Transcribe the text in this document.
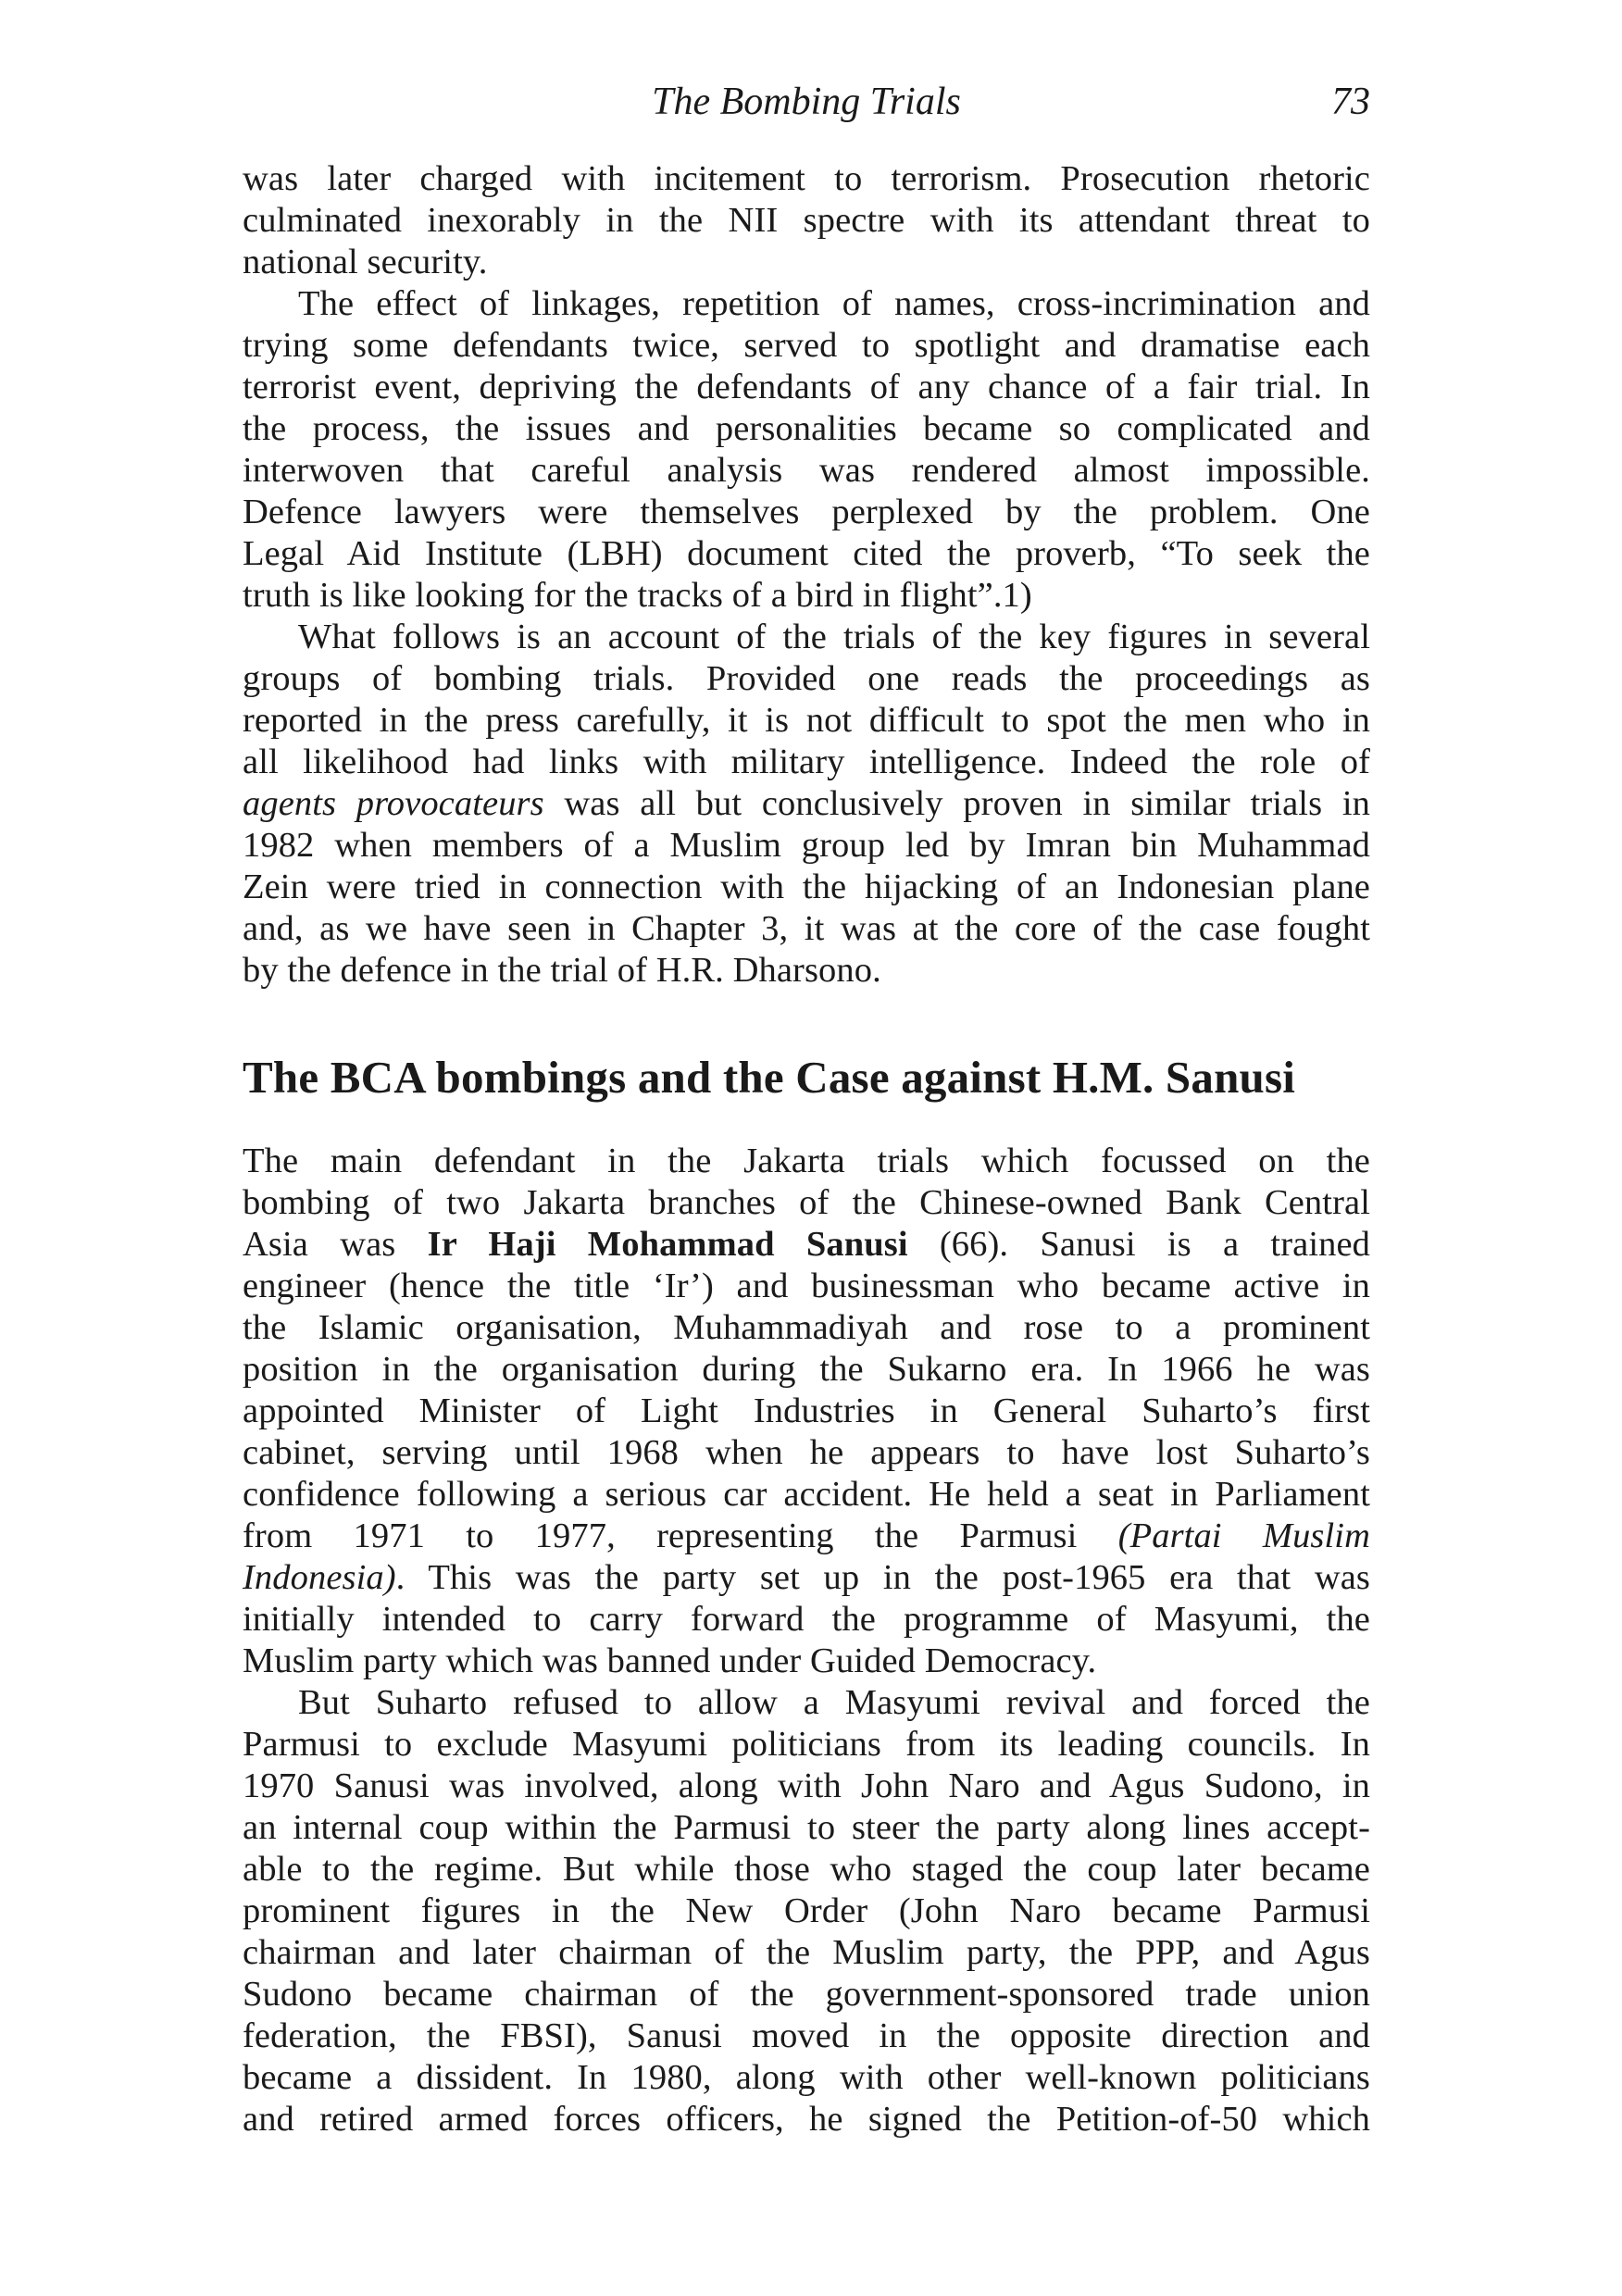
The Bombing Trials	73

was later charged with incitement to terrorism. Prosecution rhetoric
culminated inexorably in the NII spectre with its attendant threat to
national security.

The effect of linkages, repetition of names, cross-incrimination and
trying some defendants twice, served to spotlight and dramatise each
terrorist event, depriving the defendants of any chance of a fair trial. In
the process, the issues and personalities became so complicated and
interwoven that careful analysis was rendered almost impossible.
Defence lawyers were themselves perplexed by the problem. One
Legal Aid Institute (LBH) document cited the proverb, “To seek the
truth is like looking for the tracks of a bird in flight”.1)

What follows is an account of the trials of the key figures in several
groups of bombing trials. Provided one reads the proceedings as
reported in the press carefully, it is not difficult to spot the men who in
all likelihood had links with military intelligence. Indeed the role of
agents provocateurs was all but conclusively proven in similar trials in
1982 when members of a Muslim group led by Imran bin Muhammad
Zein were tried in connection with the hijacking of an Indonesian plane
and, as we have seen in Chapter 3, it was at the core of the case fought
by the defence in the trial of H.R. Dharsono.

The BCA bombings and the Case against H.M. Sanusi

The main defendant in the Jakarta trials which focussed on the
bombing of two Jakarta branches of the Chinese-owned Bank Central
Asia was Ir Haji Mohammad Sanusi (66). Sanusi is a trained
engineer (hence the title ‘Ir’) and businessman who became active in
the Islamic organisation, Muhammadiyah and rose to a prominent
position in the organisation during the Sukarno era. In 1966 he was
appointed Minister of Light Industries in General Suharto’s first
cabinet, serving until 1968 when he appears to have lost Suharto’s
confidence following a serious car accident. He held a seat in Parliament
from 1971 to 1977, representing the Parmusi (Partai Muslim
Indonesia). This was the party set up in the post-1965 era that was
initially intended to carry forward the programme of Masyumi, the
Muslim party which was banned under Guided Democracy.

But Suharto refused to allow a Masyumi revival and forced the
Parmusi to exclude Masyumi politicians from its leading councils. In
1970 Sanusi was involved, along with John Naro and Agus Sudono, in
an internal coup within the Parmusi to steer the party along lines accept-
able to the regime. But while those who staged the coup later became
prominent figures in the New Order (John Naro became Parmusi
chairman and later chairman of the Muslim party, the PPP, and Agus
Sudono became chairman of the government-sponsored trade union
federation, the FBSI), Sanusi moved in the opposite direction and
became a dissident. In 1980, along with other well-known politicians
and retired armed forces officers, he signed the Petition-of-50 which
